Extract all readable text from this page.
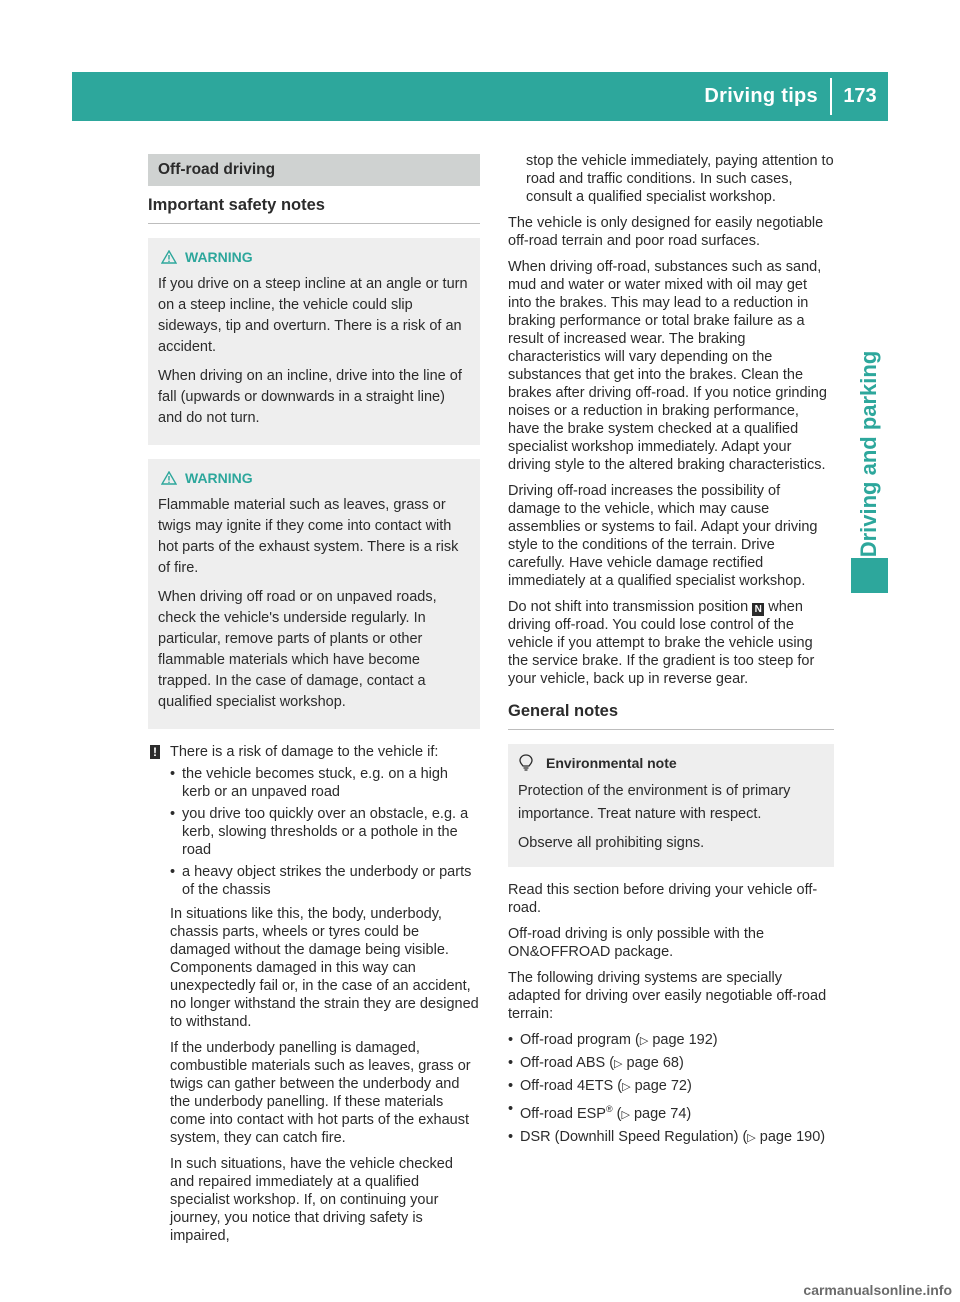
Driving tips	173
Driving and parking
Off-road driving
Important safety notes
WARNING

If you drive on a steep incline at an angle or turn on a steep incline, the vehicle could slip sideways, tip and overturn. There is a risk of an accident.

When driving on an incline, drive into the line of fall (upwards or downwards in a straight line) and do not turn.

WARNING

Flammable material such as leaves, grass or twigs may ignite if they come into contact with hot parts of the exhaust system. There is a risk of fire.

When driving off road or on unpaved roads, check the vehicle's underside regularly. In particular, remove parts of plants or other flammable materials which have become trapped. In the case of damage, contact a qualified specialist workshop.

! There is a risk of damage to the vehicle if:

• the vehicle becomes stuck, e.g. on a high kerb or an unpaved road
• you drive too quickly over an obstacle, e.g. a kerb, slowing thresholds or a pothole in the road
• a heavy object strikes the underbody or parts of the chassis

In situations like this, the body, underbody, chassis parts, wheels or tyres could be damaged without the damage being visible. Components damaged in this way can unexpectedly fail or, in the case of an accident, no longer withstand the strain they are designed to withstand.

If the underbody panelling is damaged, combustible materials such as leaves, grass or twigs can gather between the underbody and the underbody panelling. If these materials come into contact with hot parts of the exhaust system, they can catch fire.

In such situations, have the vehicle checked and repaired immediately at a qualified specialist workshop. If, on continuing your journey, you notice that driving safety is impaired,

stop the vehicle immediately, paying attention to road and traffic conditions. In such cases, consult a qualified specialist workshop.

The vehicle is only designed for easily negotiable off-road terrain and poor road surfaces.

When driving off-road, substances such as sand, mud and water or water mixed with oil may get into the brakes. This may lead to a reduction in braking performance or total brake failure as a result of increased wear. The braking characteristics will vary depending on the substances that get into the brakes. Clean the brakes after driving off-road. If you notice grinding noises or a reduction in braking performance, have the brake system checked at a qualified specialist workshop immediately. Adapt your driving style to the altered braking characteristics.

Driving off-road increases the possibility of damage to the vehicle, which may cause assemblies or systems to fail. Adapt your driving style to the conditions of the terrain. Drive carefully. Have vehicle damage rectified immediately at a qualified specialist workshop.

Do not shift into transmission position N when driving off-road. You could lose control of the vehicle if you attempt to brake the vehicle using the service brake. If the gradient is too steep for your vehicle, back up in reverse gear.

General notes
Environmental note

Protection of the environment is of primary importance. Treat nature with respect.

Observe all prohibiting signs.

Read this section before driving your vehicle off-road.

Off-road driving is only possible with the ON&OFFROAD package.

The following driving systems are specially adapted for driving over easily negotiable off-road terrain:

• Off-road program (▷ page 192)
• Off-road ABS (▷ page 68)
• Off-road 4ETS (▷ page 72)
• Off-road ESP® (▷ page 74)
• DSR (Downhill Speed Regulation) (▷ page 190)
carmanualsonline.info
